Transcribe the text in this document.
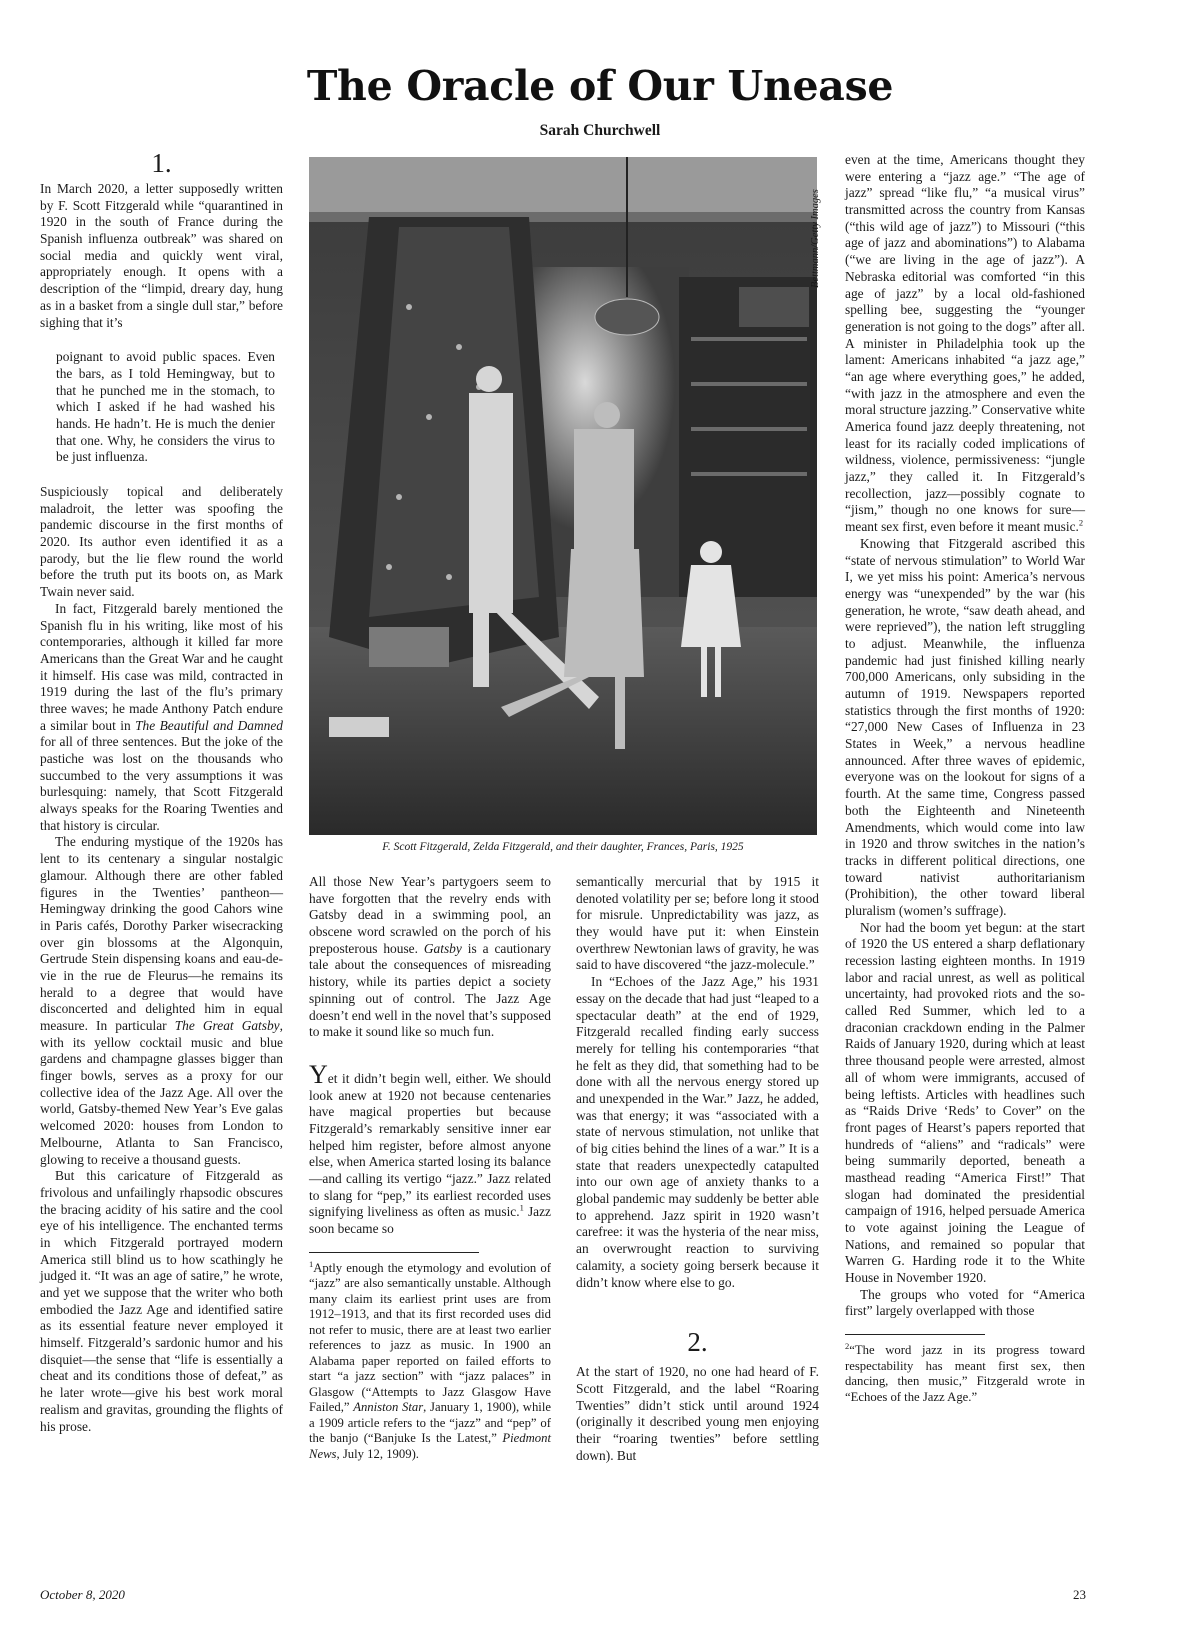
The Oracle of Our Unease
Sarah Churchwell
1.

In March 2020, a letter supposedly written by F. Scott Fitzgerald while “quarantined in 1920 in the south of France during the Spanish influenza outbreak” was shared on social media and quickly went viral, appropriately enough. It opens with a description of the “limpid, dreary day, hung as in a basket from a single dull star,” before sighing that it’s

poignant to avoid public spaces. Even the bars, as I told Hemingway, but to that he punched me in the stomach, to which I asked if he had washed his hands. He hadn’t. He is much the denier that one. Why, he considers the virus to be just influenza.

Suspiciously topical and deliberately maladroit, the letter was spoofing the pandemic discourse in the first months of 2020. Its author even identified it as a parody, but the lie flew round the world before the truth put its boots on, as Mark Twain never said.

In fact, Fitzgerald barely mentioned the Spanish flu in his writing, like most of his contemporaries, although it killed far more Americans than the Great War and he caught it himself. His case was mild, contracted in 1919 during the last of the flu’s primary three waves; he made Anthony Patch endure a similar bout in The Beautiful and Damned for all of three sentences. But the joke of the pastiche was lost on the thousands who succumbed to the very assumptions it was burlesquing: namely, that Scott Fitzgerald always speaks for the Roaring Twenties and that history is circular.

The enduring mystique of the 1920s has lent to its centenary a singular nostalgic glamour. Although there are other fabled figures in the Twenties’ pantheon—Hemingway drinking the good Cahors wine in Paris cafés, Dorothy Parker wisecracking over gin blossoms at the Algonquin, Gertrude Stein dispensing koans and eau-de-vie in the rue de Fleurus—he remains its herald to a degree that would have disconcerted and delighted him in equal measure. In particular The Great Gatsby, with its yellow cocktail music and blue gardens and champagne glasses bigger than finger bowls, serves as a proxy for our collective idea of the Jazz Age. All over the world, Gatsby-themed New Year’s Eve galas welcomed 2020: houses from London to Melbourne, Atlanta to San Francisco, glowing to receive a thousand guests.

But this caricature of Fitzgerald as frivolous and unfailingly rhapsodic obscures the bracing acidity of his satire and the cool eye of his intelligence. The enchanted terms in which Fitzgerald portrayed modern America still blind us to how scathingly he judged it. “It was an age of satire,” he wrote, and yet we suppose that the writer who both embodied the Jazz Age and identified satire as its essential feature never employed it himself. Fitzgerald’s sardonic humor and his disquiet—the sense that “life is essentially a cheat and its conditions those of defeat,” as he later wrote—give his best work moral realism and gravitas, grounding the flights of his prose.

Bettmann/Getty Images
F. Scott Fitzgerald, Zelda Fitzgerald, and their daughter, Frances, Paris, 1925

All those New Year’s partygoers seem to have forgotten that the revelry ends with Gatsby dead in a swimming pool, an obscene word scrawled on the porch of his preposterous house. Gatsby is a cautionary tale about the consequences of misreading history, while its parties depict a society spinning out of control. The Jazz Age doesn’t end well in the novel that’s supposed to make it sound like so much fun.

Yet it didn’t begin well, either. We should look anew at 1920 not because centenaries have magical properties but because Fitzgerald’s remarkably sensitive inner ear helped him register, before almost anyone else, when America started losing its balance—and calling its vertigo “jazz.” Jazz related to slang for “pep,” its earliest recorded uses signifying liveliness as often as music.$^1$ Jazz soon became so

$^1$Aptly enough the etymology and evolution of “jazz” are also semantically unstable. Although many claim its earliest print uses are from 1912–1913, and that its first recorded uses did not refer to music, there are at least two earlier references to jazz as music. In 1900 an Alabama paper reported on failed efforts to start “a jazz section” with “jazz palaces” in Glasgow (“Attempts to Jazz Glasgow Have Failed,” Anniston Star, January 1, 1900), while a 1909 article refers to the “jazz” and “pep” of the banjo (“Banjuke Is the Latest,” Piedmont News, July 12, 1909).

semantically mercurial that by 1915 it denoted volatility per se; before long it stood for misrule. Unpredictability was jazz, as they would have put it: when Einstein overthrew Newtonian laws of gravity, he was said to have discovered “the jazz-molecule.”

In “Echoes of the Jazz Age,” his 1931 essay on the decade that had just “leaped to a spectacular death” at the end of 1929, Fitzgerald recalled finding early success merely for telling his contemporaries “that he felt as they did, that something had to be done with all the nervous energy stored up and unexpended in the War.” Jazz, he added, was that energy; it was “associated with a state of nervous stimulation, not unlike that of big cities behind the lines of a war.” It is a state that readers unexpectedly catapulted into our own age of anxiety thanks to a global pandemic may suddenly be better able to apprehend. Jazz spirit in 1920 wasn’t carefree: it was the hysteria of the near miss, an overwrought reaction to surviving calamity, a society going berserk because it didn’t know where else to go.

2.

At the start of 1920, no one had heard of F. Scott Fitzgerald, and the label “Roaring Twenties” didn’t stick until around 1924 (originally it described young men enjoying their “roaring twenties” before settling down). But

even at the time, Americans thought they were entering a “jazz age.” “The age of jazz” spread “like flu,” “a musical virus” transmitted across the country from Kansas (“this wild age of jazz”) to Missouri (“this age of jazz and abominations”) to Alabama (“we are living in the age of jazz”). A Nebraska editorial was comforted “in this age of jazz” by a local old-fashioned spelling bee, suggesting the “younger generation is not going to the dogs” after all. A minister in Philadelphia took up the lament: Americans inhabited “a jazz age,” “an age where everything goes,” he added, “with jazz in the atmosphere and even the moral structure jazzing.” Conservative white America found jazz deeply threatening, not least for its racially coded implications of wildness, violence, permissiveness: “jungle jazz,” they called it. In Fitzgerald’s recollection, jazz—possibly cognate to “jism,” though no one knows for sure—meant sex first, even before it meant music.$^2$

Knowing that Fitzgerald ascribed this “state of nervous stimulation” to World War I, we yet miss his point: America’s nervous energy was “unexpended” by the war (his generation, he wrote, “saw death ahead, and were reprieved”), the nation left struggling to adjust. Meanwhile, the influenza pandemic had just finished killing nearly 700,000 Americans, only subsiding in the autumn of 1919. Newspapers reported statistics through the first months of 1920: “27,000 New Cases of Influenza in 23 States in Week,” a nervous headline announced. After three waves of epidemic, everyone was on the lookout for signs of a fourth. At the same time, Congress passed both the Eighteenth and Nineteenth Amendments, which would come into law in 1920 and throw switches in the nation’s tracks in different political directions, one toward nativist authoritarianism (Prohibition), the other toward liberal pluralism (women’s suffrage).

Nor had the boom yet begun: at the start of 1920 the US entered a sharp deflationary recession lasting eighteen months. In 1919 labor and racial unrest, as well as political uncertainty, had provoked riots and the so-called Red Summer, which led to a draconian crackdown ending in the Palmer Raids of January 1920, during which at least three thousand people were arrested, almost all of whom were immigrants, accused of being leftists. Articles with headlines such as “Raids Drive ‘Reds’ to Cover” on the front pages of Hearst’s papers reported that hundreds of “aliens” and “radicals” were being summarily deported, beneath a masthead reading “America First!” That slogan had dominated the presidential campaign of 1916, helped persuade America to vote against joining the League of Nations, and remained so popular that Warren G. Harding rode it to the White House in November 1920.

The groups who voted for “America first” largely overlapped with those

$^2$“The word jazz in its progress toward respectability has meant first sex, then dancing, then music,” Fitzgerald wrote in “Echoes of the Jazz Age.”

October 8, 2020	23
